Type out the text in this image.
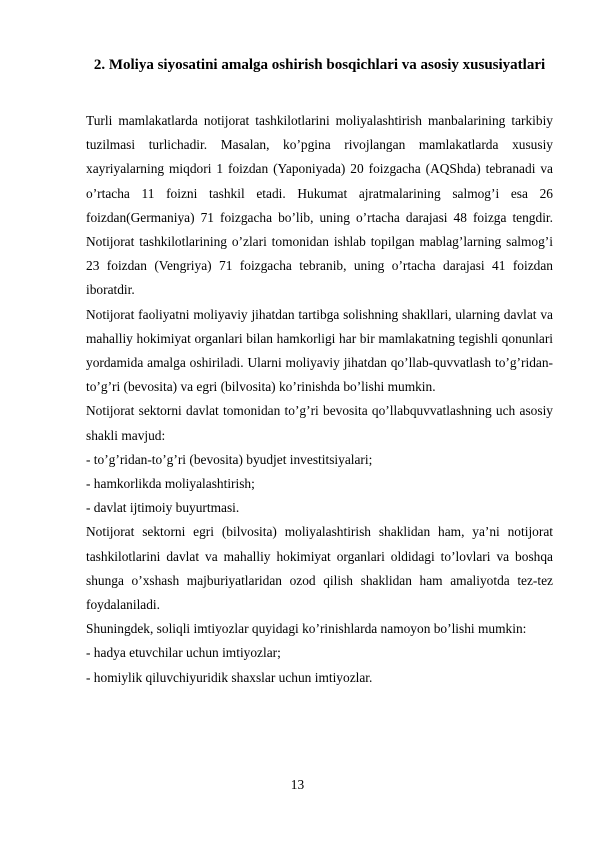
2. Moliya siyosatini amalga oshirish bosqichlari va asosiy xususiyatlari

Turli mamlakatlarda notijorat tashkilotlarini moliyalashtirish manbalarining tarkibiy tuzilmasi turlichadir. Masalan, ko’pgina rivojlangan mamlakatlarda xususiy xayriyalarning miqdori 1 foizdan (Yaponiyada) 20 foizgacha (AQShda) tebranadi va o’rtacha 11 foizni tashkil etadi. Hukumat ajratmalarining salmog’i esa 26 foizdan(Germaniya) 71 foizgacha bo’lib, uning o’rtacha darajasi 48 foizga tengdir. Notijorat tashkilotlarining o’zlari tomonidan ishlab topilgan mablag’larning salmog’i 23 foizdan (Vengriya) 71 foizgacha tebranib, uning o’rtacha darajasi 41 foizdan iboratdir.

Notijorat faoliyatni moliyaviy jihatdan tartibga solishning shakllari, ularning davlat va mahalliy hokimiyat organlari bilan hamkorligi har bir mamlakatning tegishli qonunlari yordamida amalga oshiriladi. Ularni moliyaviy jihatdan qo’llab-quvvatlash to’g’ridan-to’g’ri (bevosita) va egri (bilvosita) ko’rinishda bo’lishi mumkin.

Notijorat sektorni davlat tomonidan to’g’ri bevosita qo’llabquvvatlashning uch asosiy shakli mavjud:

- to’g’ridan-to’g’ri (bevosita) byudjet investitsiyalari;

- hamkorlikda moliyalashtirish;

- davlat ijtimoiy buyurtmasi.

Notijorat sektorni egri (bilvosita) moliyalashtirish shaklidan ham, ya’ni notijorat tashkilotlarini davlat va mahalliy hokimiyat organlari oldidagi to’lovlari va boshqa shunga o’xshash majburiyatlaridan ozod qilish shaklidan ham amaliyotda tez-tez foydalaniladi.

Shuningdek, soliqli imtiyozlar quyidagi ko’rinishlarda namoyon bo’lishi mumkin:

- hadya etuvchilar uchun imtiyozlar;

- homiylik qiluvchiyuridik shaxslar uchun imtiyozlar.

13
